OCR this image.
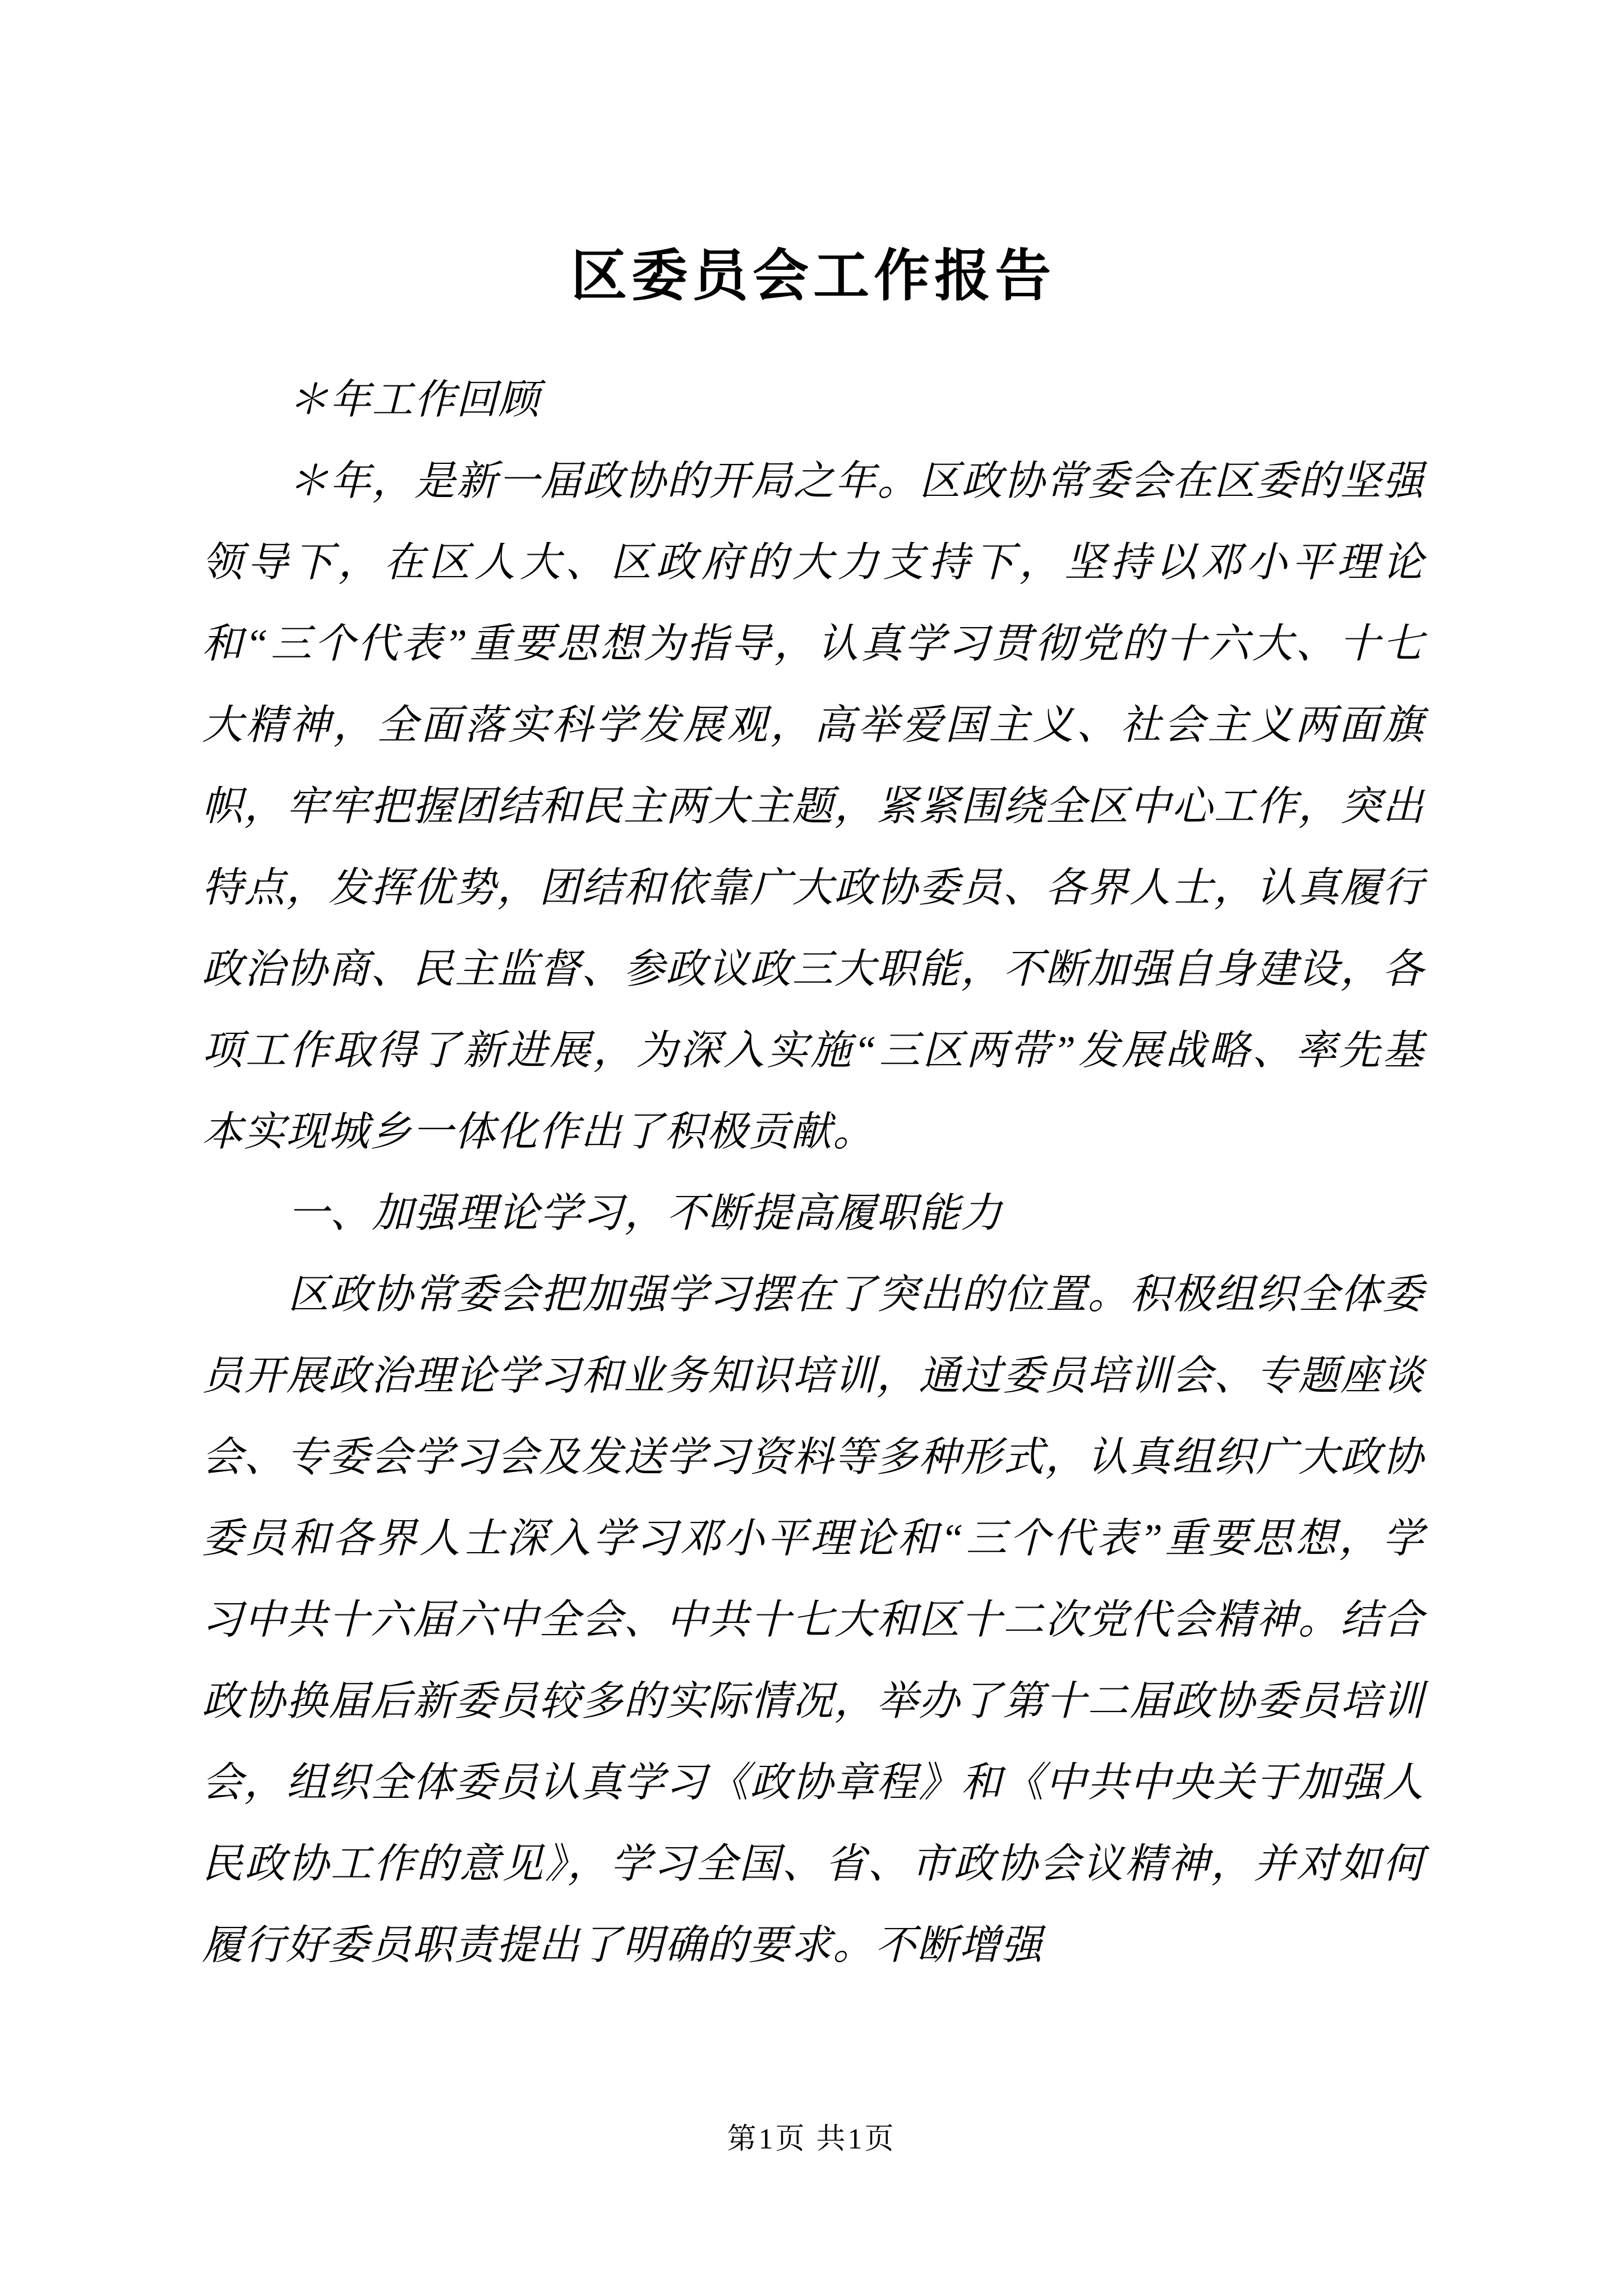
区委员会工作报告

＊年工作回顾

＊年，是新一届政协的开局之年。区政协常委会在区委的坚强领导下，在区人大、区政府的大力支持下，坚持以邓小平理论和“三个代表”重要思想为指导，认真学习贯彻党的十六大、十七大精神，全面落实科学发展观，高举爱国主义、社会主义两面旗帜，牢牢把握团结和民主两大主题，紧紧围绕全区中心工作，突出特点，发挥优势，团结和依靠广大政协委员、各界人士，认真履行政治协商、民主监督、参政议政三大职能，不断加强自身建设，各项工作取得了新进展，为深入实施“三区两带”发展战略、率先基本实现城乡一体化作出了积极贡献。

一、加强理论学习，不断提高履职能力

区政协常委会把加强学习摆在了突出的位置。积极组织全体委员开展政治理论学习和业务知识培训，通过委员培训会、专题座谈会、专委会学习会及发送学习资料等多种形式，认真组织广大政协委员和各界人士深入学习邓小平理论和“三个代表”重要思想，学习中共十六届六中全会、中共十七大和区十二次党代会精神。结合政协换届后新委员较多的实际情况，举办了第十二届政协委员培训会，组织全体委员认真学习《政协章程》和《中共中央关于加强人民政协工作的意见》，学习全国、省、市政协会议精神，并对如何履行好委员职责提出了明确的要求。不断增强

第1页 共1页
